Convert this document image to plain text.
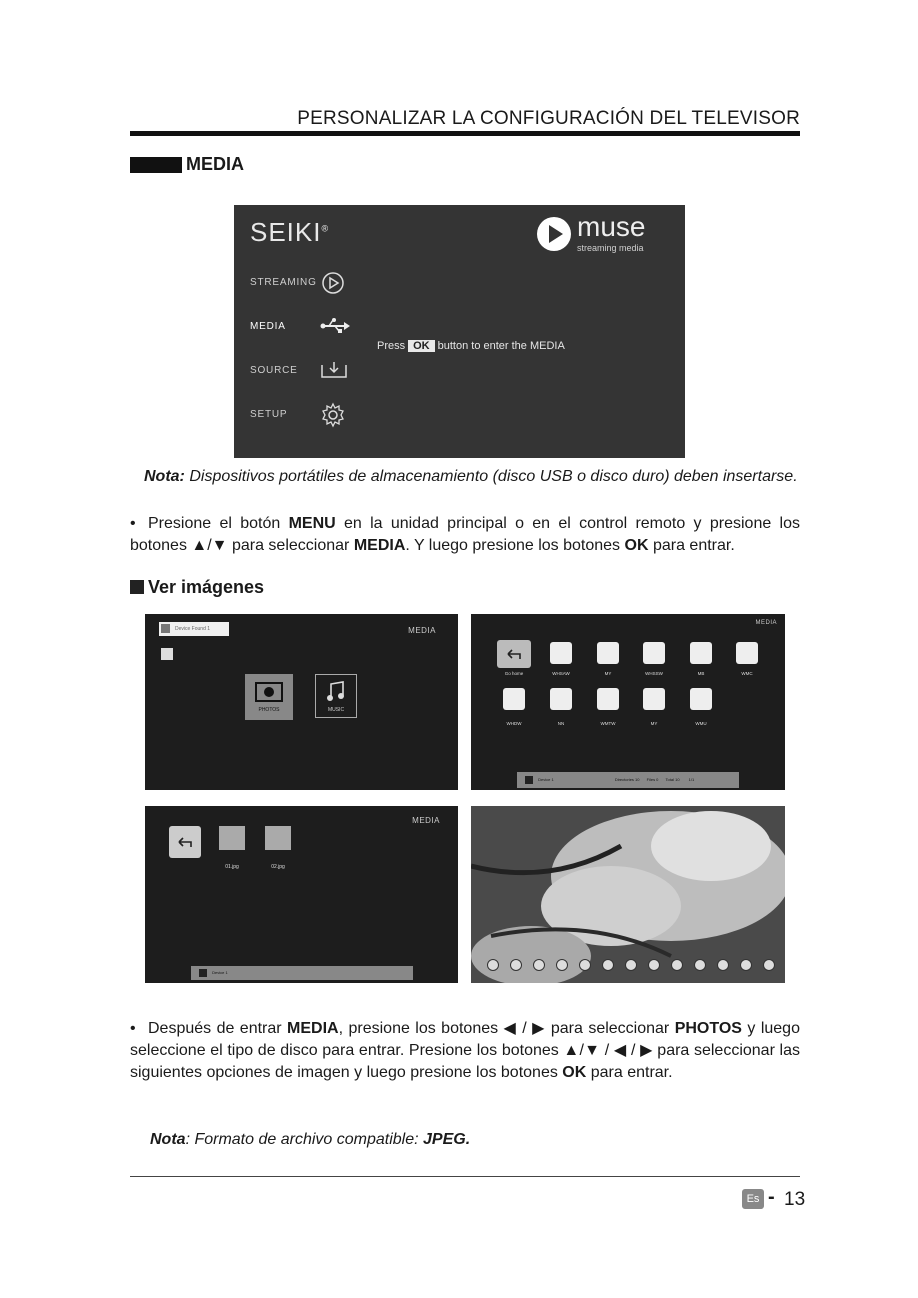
PERSONALIZAR LA CONFIGURACIÓN DEL TELEVISOR
MEDIA
SEIKI®	muse
streaming media
STREAMING
MEDIA
SOURCE
SETUP
Press OK button to enter the MEDIA
Nota: Dispositivos portátiles de almacenamiento (disco USB o disco duro) deben insertarse.
• Presione el botón MENU en la unidad principal o en el control remoto y presione los botones ▲/▼ para seleccionar MEDIA. Y luego presione los botones OK para entrar.
Ver imágenes
Device Found 1	MEDIA
PHOTOS	MUSIC
MEDIA
Go home	WHSAW	MY	WHSSW	MB	WMC
WHDW	NN	WMTW	MY	WMU
Device 1	Directories 10 Files 0 Total 10 1/1
MEDIA
01.jpg	02.jpg
Device 1
• Después de entrar MEDIA, presione los botones ◀ / ▶ para seleccionar PHOTOS y luego seleccione el tipo de disco para entrar. Presione los botones ▲/▼ / ◀ / ▶ para seleccionar las siguientes opciones de imagen y luego presione los botones OK para entrar.
Nota: Formato de archivo compatible: JPEG.
Es - 13
